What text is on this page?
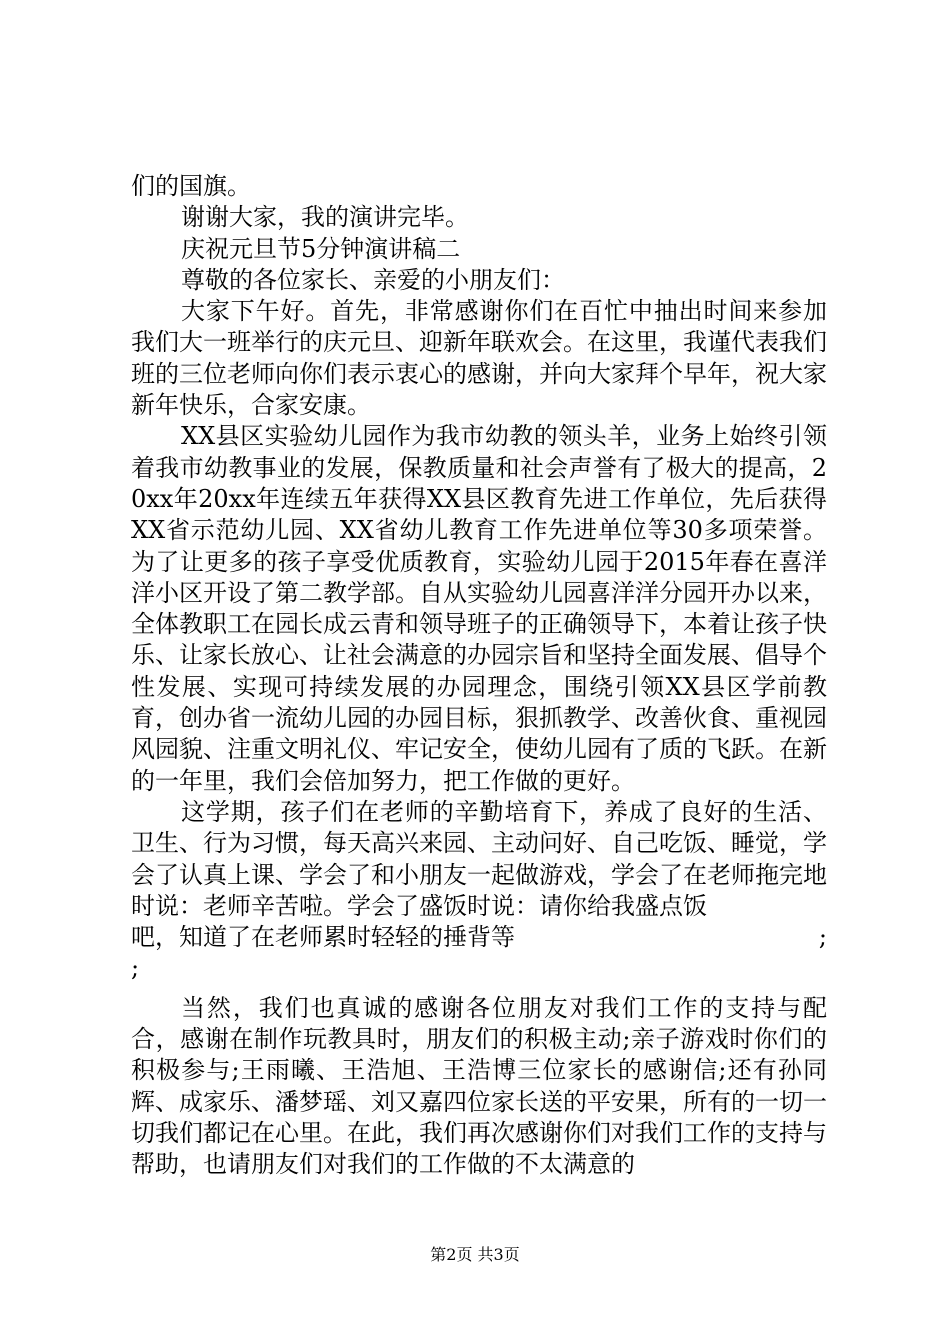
们的国旗。

谢谢大家，我的演讲完毕。

庆祝元旦节5分钟演讲稿二

尊敬的各位家长、亲爱的小朋友们：

大家下午好。首先，非常感谢你们在百忙中抽出时间来参加我们大一班举行的庆元旦、迎新年联欢会。在这里，我谨代表我们班的三位老师向你们表示衷心的感谢，并向大家拜个早年，祝大家新年快乐，合家安康。

XX县区实验幼儿园作为我市幼教的领头羊，业务上始终引领着我市幼教事业的发展，保教质量和社会声誉有了极大的提高，20xx年20xx年连续五年获得XX县区教育先进工作单位，先后获得XX省示范幼儿园、XX省幼儿教育工作先进单位等30多项荣誉。为了让更多的孩子享受优质教育，实验幼儿园于2015年春在喜洋洋小区开设了第二教学部。自从实验幼儿园喜洋洋分园开办以来，全体教职工在园长成云青和领导班子的正确领导下，本着让孩子快乐、让家长放心、让社会满意的办园宗旨和坚持全面发展、倡导个性发展、实现可持续发展的办园理念，围绕引领XX县区学前教育，创办省一流幼儿园的办园目标，狠抓教学、改善伙食、重视园风园貌、注重文明礼仪、牢记安全，使幼儿园有了质的飞跃。在新的一年里，我们会倍加努力，把工作做的更好。

这学期，孩子们在老师的辛勤培育下，养成了良好的生活、卫生、行为习惯，每天高兴来园、主动问好、自己吃饭、睡觉，学会了认真上课、学会了和小朋友一起做游戏，学会了在老师拖完地时说：老师辛苦啦。学会了盛饭时说：请你给我盛点饭

吧，知道了在老师累时轻轻的捶背等	;
;

当然，我们也真诚的感谢各位朋友对我们工作的支持与配合，感谢在制作玩教具时，朋友们的积极主动;亲子游戏时你们的积极参与;王雨曦、王浩旭、王浩博三位家长的感谢信;还有孙同辉、成家乐、潘梦瑶、刘又嘉四位家长送的平安果，所有的一切一切我们都记在心里。在此，我们再次感谢你们对我们工作的支持与帮助，也请朋友们对我们的工作做的不太满意的

第2页 共3页
